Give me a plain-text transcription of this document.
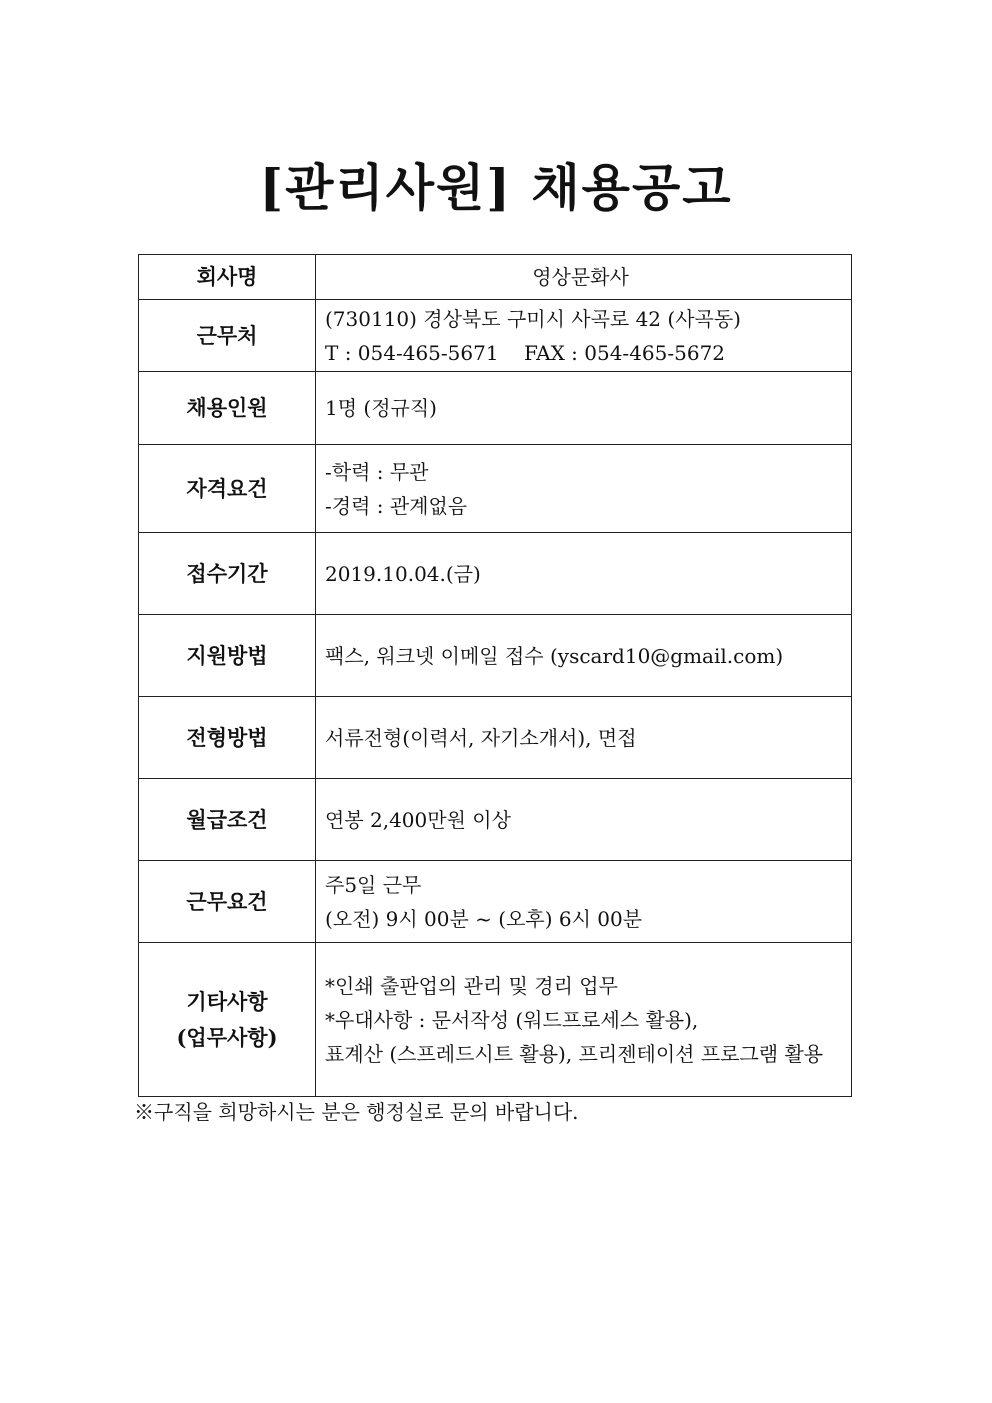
[관리사원] 채용공고
회사명	영상문화사

근무처	(730110) 경상북도 구미시 사곡로 42 (사곡동)
T : 054-465-5671    FAX : 054-465-5672

채용인원	1명 (정규직)

자격요건	-학력 : 무관
-경력 : 관계없음

접수기간	2019.10.04.(금)

지원방법	팩스, 워크넷 이메일 접수 (yscard10@gmail.com)

전형방법	서류전형(이력서, 자기소개서), 면접

월급조건	연봉 2,400만원 이상

근무요건	주5일 근무
(오전) 9시 00분 ~ (오후) 6시 00분

기타사항
(업무사항)	*인쇄 출판업의 관리 및 경리 업무
*우대사항 : 문서작성 (워드프로세스 활용),
표계산 (스프레드시트 활용), 프리젠테이션 프로그램 활용
※구직을 희망하시는 분은 행정실로 문의 바랍니다.
